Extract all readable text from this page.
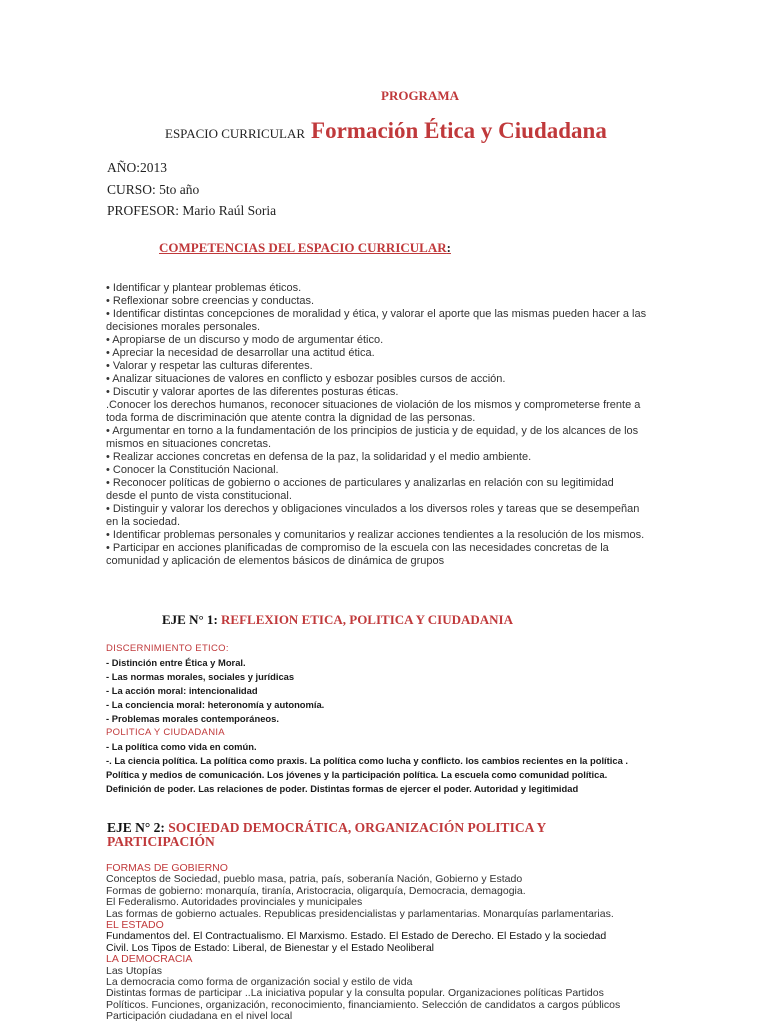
PROGRAMA
ESPACIO CURRICULAR Formación Ética y Ciudadana
AÑO:2013
CURSO: 5to año
PROFESOR: Mario Raúl Soria
COMPETENCIAS DEL ESPACIO CURRICULAR:
• Identificar y plantear problemas éticos.
• Reflexionar sobre creencias y conductas.
• Identificar distintas concepciones de moralidad y ética, y valorar el aporte que las mismas pueden hacer a las
decisiones morales personales.
• Apropiarse de un discurso y modo de argumentar ético.
• Apreciar la necesidad de desarrollar una actitud ética.
• Valorar y respetar las culturas diferentes.
• Analizar situaciones de valores en conflicto y esbozar posibles cursos de acción.
• Discutir y valorar aportes de las diferentes posturas éticas.
.Conocer los derechos humanos, reconocer situaciones de violación de los mismos y comprometerse frente a
toda forma de discriminación que atente contra la dignidad de las personas.
• Argumentar en torno a la fundamentación de los principios de justicia y de equidad, y de los alcances de los
mismos en situaciones concretas.
• Realizar acciones concretas en defensa de la paz, la solidaridad y el medio ambiente.
• Conocer la Constitución Nacional.
• Reconocer políticas de gobierno o acciones de particulares y analizarlas en relación con su legitimidad
desde el punto de vista constitucional.
• Distinguir y valorar los derechos y obligaciones vinculados a los diversos roles y tareas que se desempeñan
en la sociedad.
• Identificar problemas personales y comunitarios y realizar acciones tendientes a la resolución de los mismos.
• Participar en acciones planificadas de compromiso de la escuela con las necesidades concretas de la
comunidad y aplicación de elementos básicos de dinámica de grupos
EJE N° 1: REFLEXION ETICA, POLITICA Y CIUDADANIA
DISCERNIMIENTO ETICO:
- Distinción entre Ética y Moral.
- Las normas morales, sociales y jurídicas
- La acción moral: intencionalidad
- La conciencia moral: heteronomía y autonomía.
- Problemas morales contemporáneos.
POLITICA Y CIUDADANIA
- La política como vida en común.
-. La ciencia política. La política como praxis. La política como lucha y conflicto. los cambios recientes en la política .
Política y medios de comunicación. Los jóvenes y la participación política. La escuela como comunidad política.
Definición de poder. Las relaciones de poder. Distintas formas de ejercer el poder. Autoridad y legitimidad
EJE N° 2: SOCIEDAD DEMOCRÁTICA, ORGANIZACIÓN POLITICA Y PARTICIPACIÓN
FORMAS DE GOBIERNO
Conceptos de Sociedad, pueblo masa, patria, país, soberanía Nación, Gobierno y Estado
Formas de gobierno: monarquía, tiranía, Aristocracia, oligarquía, Democracia, demagogia.
El Federalismo. Autoridades provinciales y municipales
Las formas de gobierno actuales. Republicas presidencialistas y parlamentarias. Monarquías parlamentarias.
EL ESTADO
Fundamentos del. El Contractualismo. El Marxismo. Estado. El Estado de Derecho. El Estado y la sociedad
Civil. Los Tipos de Estado: Liberal, de Bienestar y el Estado Neoliberal
LA DEMOCRACIA
Las Utopías
La democracia como forma de organización social y estilo de vida
Distintas formas de participar ..La iniciativa popular y la consulta popular. Organizaciones políticas Partidos
Políticos. Funciones, organización, reconocimiento, financiamiento. Selección de candidatos a cargos públicos
Participación ciudadana en el nivel local
